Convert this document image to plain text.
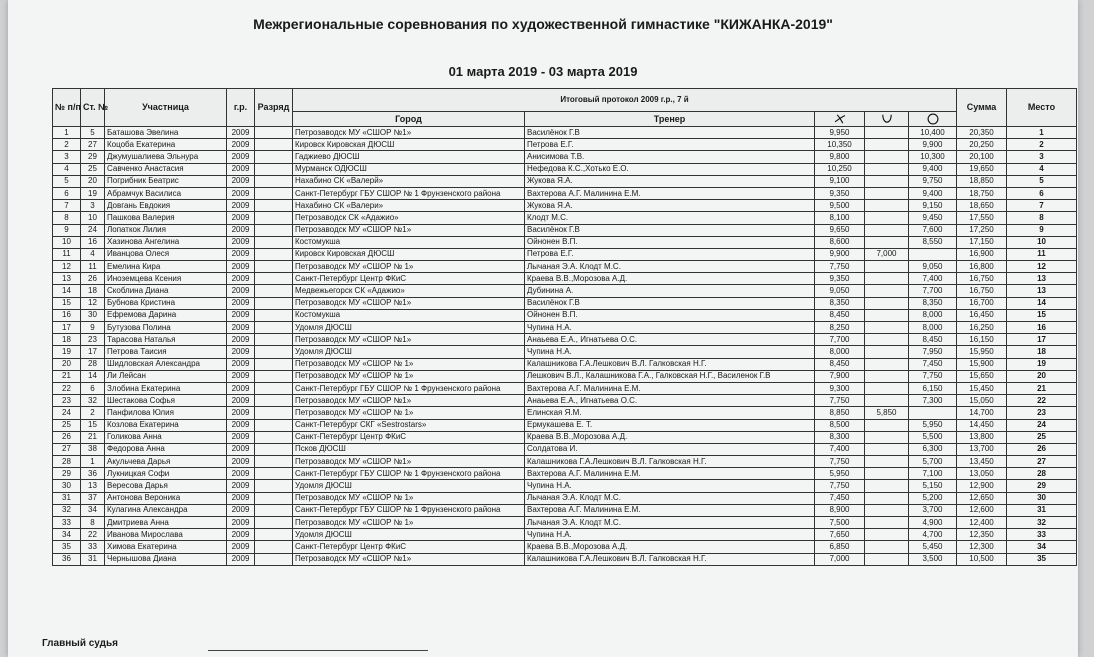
Межрегиональные соревнования по художественной гимнастике "КИЖАНКА-2019"
01 марта 2019 - 03 марта 2019
№ п/п	Ст. №	Участница	г.р.	Разряд	Итоговый протокол 2009 г.р., 7 й					Сумма	Место
					Город	Тренер			
1	5	Баташова Эвелина	2009		Петрозаводск МУ «СШОР №1»	Василёнок Г.В	9,950		10,400	20,350	1
2	27	Коцоба Екатерина	2009		Кировск Кировская ДЮСШ	Петрова Е.Г.	10,350		9,900	20,250	2
3	29	Джумушалиева Эльнура	2009		Гаджиево ДЮСШ	Анисимова Т.В.	9,800		10,300	20,100	3
4	25	Савченко Анастасия	2009		Мурманск ОДЮСШ	Нефедова К.С.,Хотько Е.О.	10,250		9,400	19,650	4
5	20	Погрибник Беатрис	2009		Нахабино СК «Валерй»	Жукова Я.А.	9,100		9,750	18,850	5
6	19	Абрамчук Василиса	2009		Санкт-Петербург ГБУ СШОР № 1 Фрунзенского района	Вахтерова А.Г. Малинина Е.М.	9,350		9,400	18,750	6
7	3	Довгань Евдокия	2009		Нахабино СК «Валери»	Жукова Я.А.	9,500		9,150	18,650	7
8	10	Пашкова Валерия	2009		Петрозаводск СК «Адажио»	Клодт М.С.	8,100		9,450	17,550	8
9	24	Лопаткок Лилия	2009		Петрозаводск МУ «СШОР №1»	Василёнок Г.В	9,650		7,600	17,250	9
10	16	Хазинова Ангелина	2009		Костомукша	Ойнонен В.П.	8,600		8,550	17,150	10
11	4	Иванцова Олеся	2009		Кировск Кировская ДЮСШ	Петрова Е.Г.	9,900	7,000		16,900	11
12	11	Емелина Кира	2009		Петрозаводск МУ «СШОР № 1»	Лычаная Э.А. Клодт М.С.	7,750		9,050	16,800	12
13	26	Иноземцева Ксения	2009		Санкт-Петербург Центр ФКиС	Краева В.В.,Морозова А.Д.	9,350		7,400	16,750	13
14	18	Скоблина Диана	2009		Медвежьегорск СК «Адажио»	Дубинина А.	9,050		7,700	16,750	13
15	12	Бубнова Кристина	2009		Петрозаводск МУ «СШОР №1»	Василёнок Г.В	8,350		8,350	16,700	14
16	30	Ефремова Дарина	2009		Костомукша	Ойнонен В.П.	8,450		8,000	16,450	15
17	9	Бутузова Полина	2009		Удомля ДЮСШ	Чупина Н.А.	8,250		8,000	16,250	16
18	23	Тарасова Наталья	2009		Петрозаводск МУ «СШОР №1»	Анаьева Е.А., Игнатьева О.С.	7,700		8,450	16,150	17
19	17	Петрова Таисия	2009		Удомля ДЮСШ	Чупина Н.А.	8,000		7,950	15,950	18
20	28	Шидловская Александра	2009		Петрозаводск МУ «СШОР № 1»	Калашникова Г.А.Лешкович В.Л. Галковская Н.Г.	8,450		7,450	15,900	19
21	14	Ли Лейсан	2009		Петрозаводск МУ «СШОР № 1»	Лешкович В.Л., Калашникова Г.А., Галковская Н.Г., Василенок Г.В	7,900		7,750	15,650	20
22	6	Злобина Екатерина	2009		Санкт-Петербург ГБУ СШОР № 1 Фрунзенского района	Вахтерова А.Г. Малинина Е.М.	9,300		6,150	15,450	21
23	32	Шестакова Софья	2009		Петрозаводск МУ «СШОР №1»	Анаьева Е.А., Игнатьева О.С.	7,750		7,300	15,050	22
24	2	Панфилова Юлия	2009		Петрозаводск МУ «СШОР № 1»	Елинская Я.М.	8,850	5,850		14,700	23
25	15	Козлова Екатерина	2009		Санкт-Петербург СКГ «Sestrostars»	Ермукашева Е. Т.	8,500		5,950	14,450	24
26	21	Голикова Анна	2009		Санкт-Петербург Центр ФКиС	Краева В.В.,Морозова А.Д.	8,300		5,500	13,800	25
27	38	Федорова Анна	2009		Псков ДЮСШ	Солдатова И.	7,400		6,300	13,700	26
28	1	Акульчева Дарья	2009		Петрозаводск МУ «СШОР №1»	Калашникова Г.А.Лешкович В.Л. Галковская Н.Г.	7,750		5,700	13,450	27
29	36	Лукницкая Софи	2009		Санкт-Петербург ГБУ СШОР № 1 Фрунзенского района	Вахтерова А.Г. Малинина Е.М.	5,950		7,100	13,050	28
30	13	Вересова Дарья	2009		Удомля ДЮСШ	Чупина Н.А.	7,750		5,150	12,900	29
31	37	Антонова Вероника	2009		Петрозаводск МУ «СШОР № 1»	Лычаная Э.А. Клодт М.С.	7,450		5,200	12,650	30
32	34	Кулагина Александра	2009		Санкт-Петербург ГБУ СШОР № 1 Фрунзенского района	Вахтерова А.Г. Малинина Е.М.	8,900		3,700	12,600	31
33	8	Дмитриева Анна	2009		Петрозаводск МУ «СШОР № 1»	Лычаная Э.А. Клодт М.С.	7,500		4,900	12,400	32
34	22	Иванова Мирослава	2009		Удомля ДЮСШ	Чупина Н.А.	7,650		4,700	12,350	33
35	33	Химова Екатерина	2009		Санкт-Петербург Центр ФКиС	Краева В.В.,Морозова А.Д.	6,850		5,450	12,300	34
36	31	Чернышова Диана	2009		Петрозаводск МУ «СШОР №1»	Калашникова Г.А.Лешкович В.Л. Галковская Н.Г.	7,000		3,500	10,500	35
Главный судья
